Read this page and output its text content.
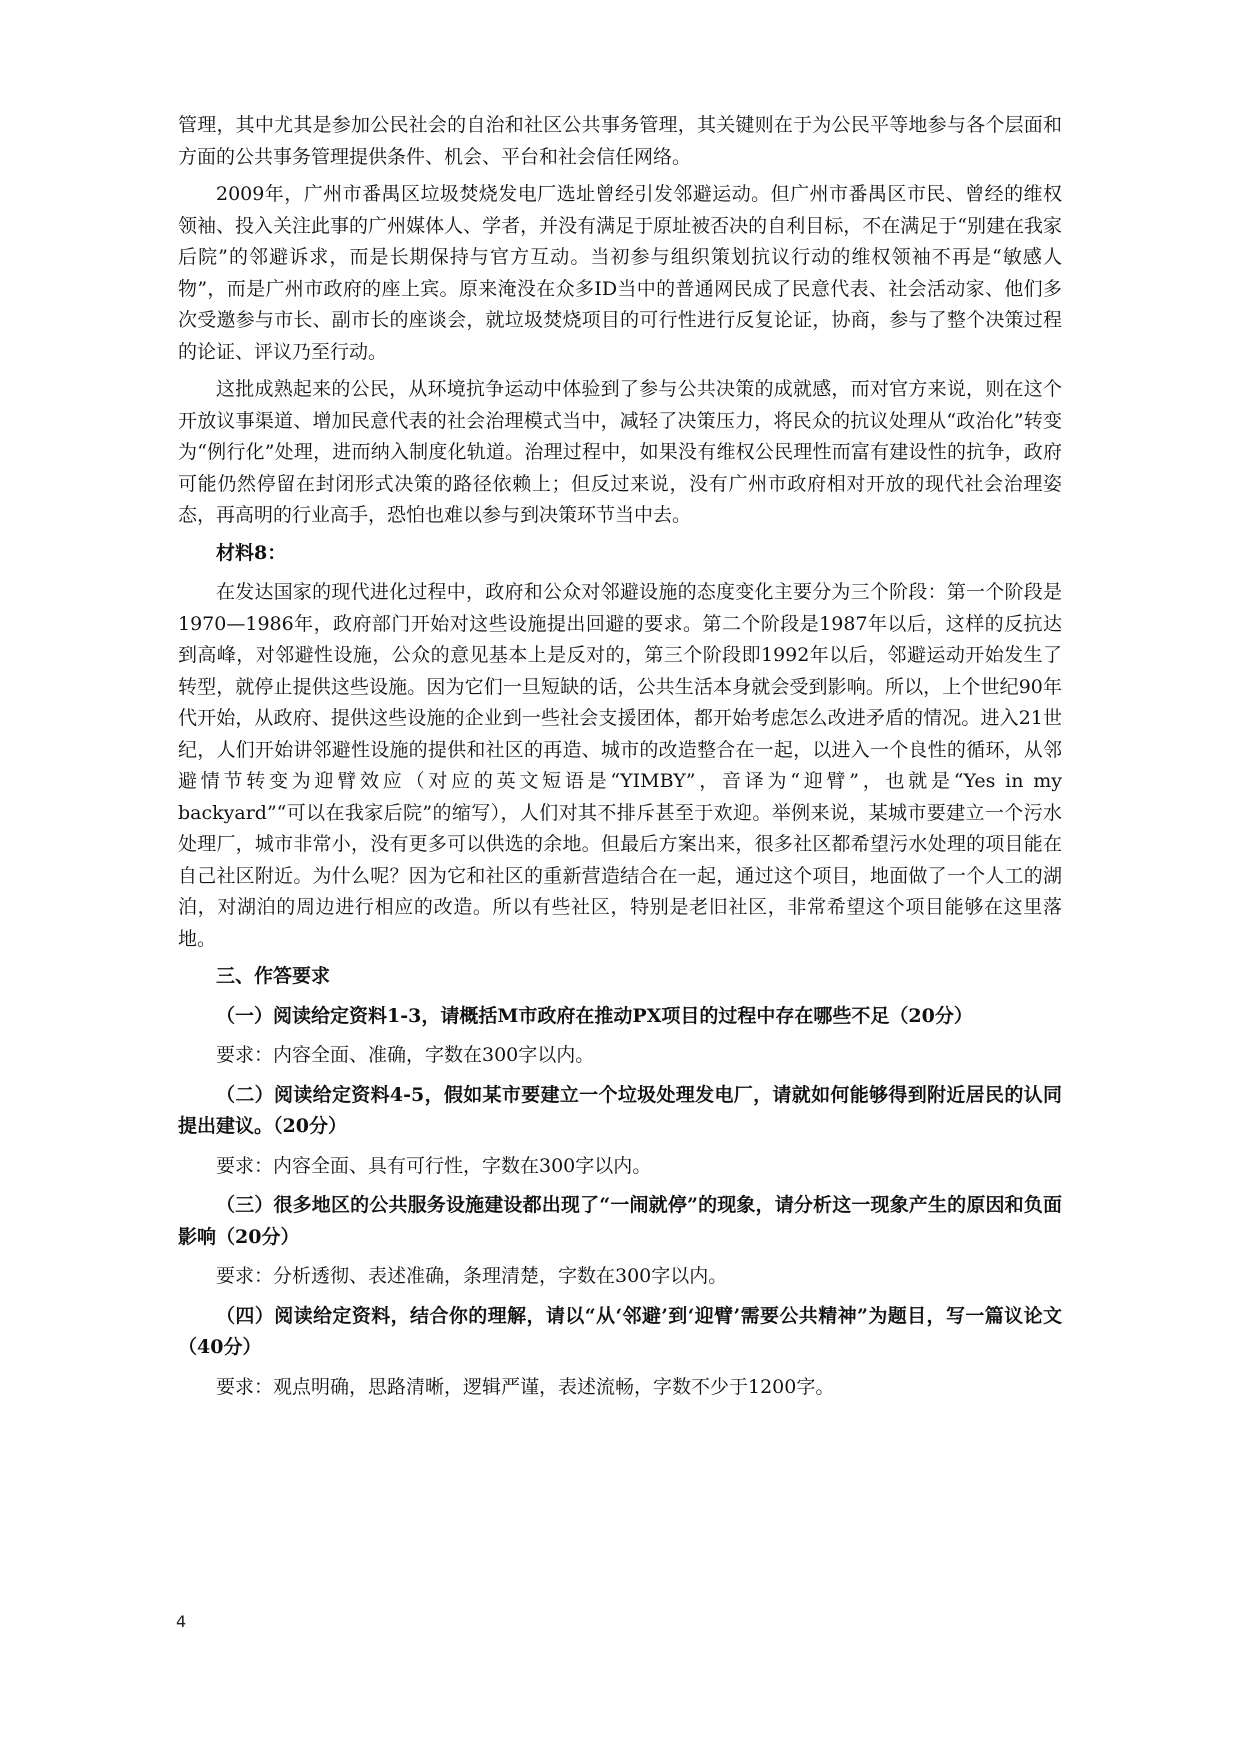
管理，其中尤其是参加公民社会的自治和社区公共事务管理，其关键则在于为公民平等地参与各个层面和方面的公共事务管理提供条件、机会、平台和社会信任网络。

2009年，广州市番禺区垃圾焚烧发电厂选址曾经引发邻避运动。但广州市番禺区市民、曾经的维权领袖、投入关注此事的广州媒体人、学者，并没有满足于原址被否决的自利目标，不在满足于“别建在我家后院”的邻避诉求，而是长期保持与官方互动。当初参与组织策划抗议行动的维权领袖不再是“敏感人物”，而是广州市政府的座上宾。原来淹没在众多ID当中的普通网民成了民意代表、社会活动家、他们多次受邀参与市长、副市长的座谈会，就垃圾焚烧项目的可行性进行反复论证，协商，参与了整个决策过程的论证、评议乃至行动。

这批成熟起来的公民，从环境抗争运动中体验到了参与公共决策的成就感，而对官方来说，则在这个开放议事渠道、增加民意代表的社会治理模式当中，减轻了决策压力，将民众的抗议处理从“政治化”转变为“例行化”处理，进而纳入制度化轨道。治理过程中，如果没有维权公民理性而富有建设性的抗争，政府可能仍然停留在封闭形式决策的路径依赖上；但反过来说，没有广州市政府相对开放的现代社会治理姿态，再高明的行业高手，恐怕也难以参与到决策环节当中去。

材料8：

在发达国家的现代进化过程中，政府和公众对邻避设施的态度变化主要分为三个阶段：第一个阶段是1970—1986年，政府部门开始对这些设施提出回避的要求。第二个阶段是1987年以后，这样的反抗达到高峰，对邻避性设施，公众的意见基本上是反对的，第三个阶段即1992年以后，邻避运动开始发生了转型，就停止提供这些设施。因为它们一旦短缺的话，公共生活本身就会受到影响。所以，上个世纪90年代开始，从政府、提供这些设施的企业到一些社会支援团体，都开始考虑怎么改进矛盾的情况。进入21世纪，人们开始讲邻避性设施的提供和社区的再造、城市的改造整合在一起，以进入一个良性的循环，从邻避情节转变为迎臂效应（对应的英文短语是“YIMBY”，音译为“迎臂”，也就是“Yes in my backyard”“可以在我家后院”的缩写），人们对其不排斥甚至于欢迎。举例来说，某城市要建立一个污水处理厂，城市非常小，没有更多可以供选的余地。但最后方案出来，很多社区都希望污水处理的项目能在自己社区附近。为什么呢？因为它和社区的重新营造结合在一起，通过这个项目，地面做了一个人工的湖泊，对湖泊的周边进行相应的改造。所以有些社区，特别是老旧社区，非常希望这个项目能够在这里落地。

三、作答要求

（一）阅读给定资料1-3，请概括M市政府在推动PX项目的过程中存在哪些不足（20分）

要求：内容全面、准确，字数在300字以内。

（二）阅读给定资料4-5，假如某市要建立一个垃圾处理发电厂，请就如何能够得到附近居民的认同提出建议。（20分）

要求：内容全面、具有可行性，字数在300字以内。

（三）很多地区的公共服务设施建设都出现了“一闹就停”的现象，请分析这一现象产生的原因和负面影响（20分）

要求：分析透彻、表述准确，条理清楚，字数在300字以内。

（四）阅读给定资料，结合你的理解，请以“从‘邻避’到‘迎臂’需要公共精神”为题目，写一篇议论文（40分）

要求：观点明确，思路清晰，逻辑严谨，表述流畅，字数不少于1200字。

4
